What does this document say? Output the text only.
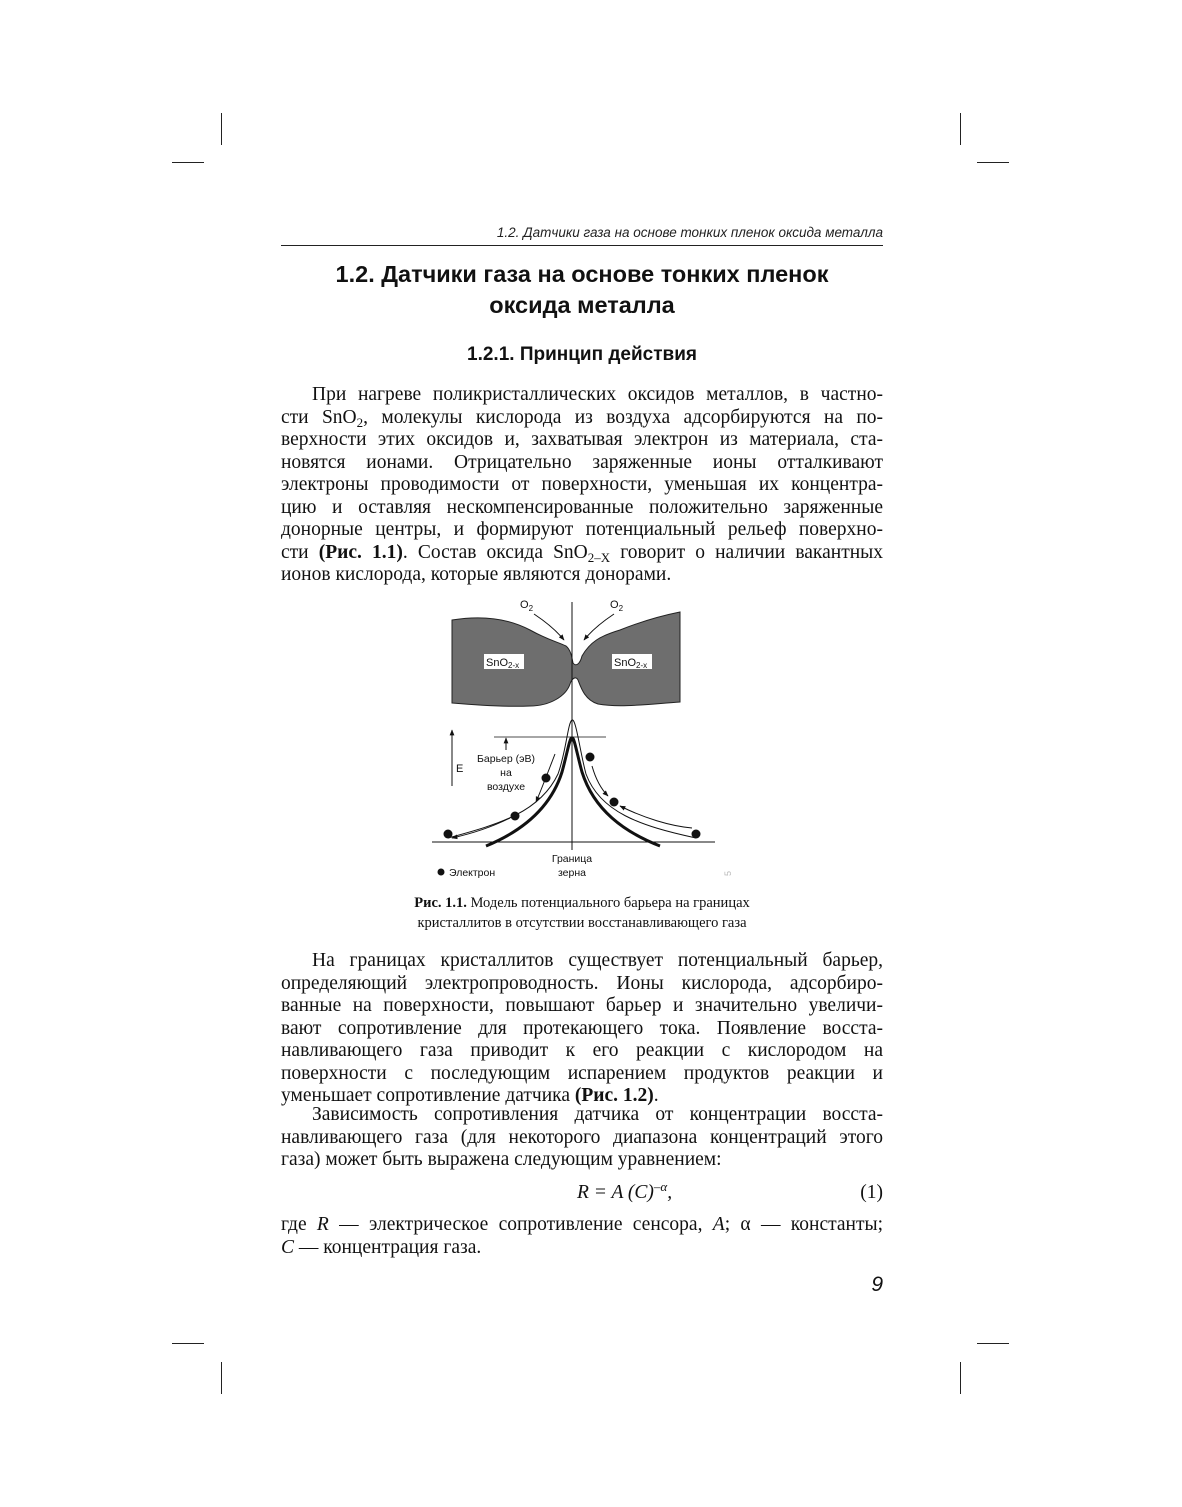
1.2. Датчики газа на основе тонких пленок оксида металла
1.2. Датчики газа на основе тонких пленок
оксида металла
1.2.1. Принцип действия
При нагреве поликристаллических оксидов металлов, в частно-
сти SnO$_2$, молекулы кислорода из воздуха адсорбируются на по-
верхности этих оксидов и, захватывая электрон из материала, ста-
новятся ионами. Отрицательно заряженные ионы отталкивают
электроны проводимости от поверхности, уменьшая их концентра-
цию и оставляя нескомпенсированные положительно заряженные
донорные центры, и формируют потенциальный рельеф поверхно-
сти (Рис. 1.1). Состав оксида SnO$_{2-X}$ говорит о наличии вакантных
ионов кислорода, которые являются донорами.
SnO2-x	SnO2-x
$O_2$	$O_2$
E
Барьер (эВ)
на
воздухе
Граница
зерна
Электрон	5

Рис. 1.1. Модель потенциального барьера на границах
кристаллитов в отсутствии восстанавливающего газа

На границах кристаллитов существует потенциальный барьер,
определяющий электропроводность. Ионы кислорода, адсорбиро-
ванные на поверхности, повышают барьер и значительно увеличи-
вают сопротивление для протекающего тока. Появление восста-
навливающего газа приводит к его реакции с кислородом на
поверхности с последующим испарением продуктов реакции и
уменьшает сопротивление датчика (Рис. 1.2).
Зависимость сопротивления датчика от концентрации восста-
навливающего газа (для некоторого диапазона концентраций этого
газа) может быть выражена следующим уравнением:
R = A $(C)^{-\alpha}$,	(1)
где R — электрическое сопротивление сенсора, A; α — константы;
C — концентрация газа.
9
